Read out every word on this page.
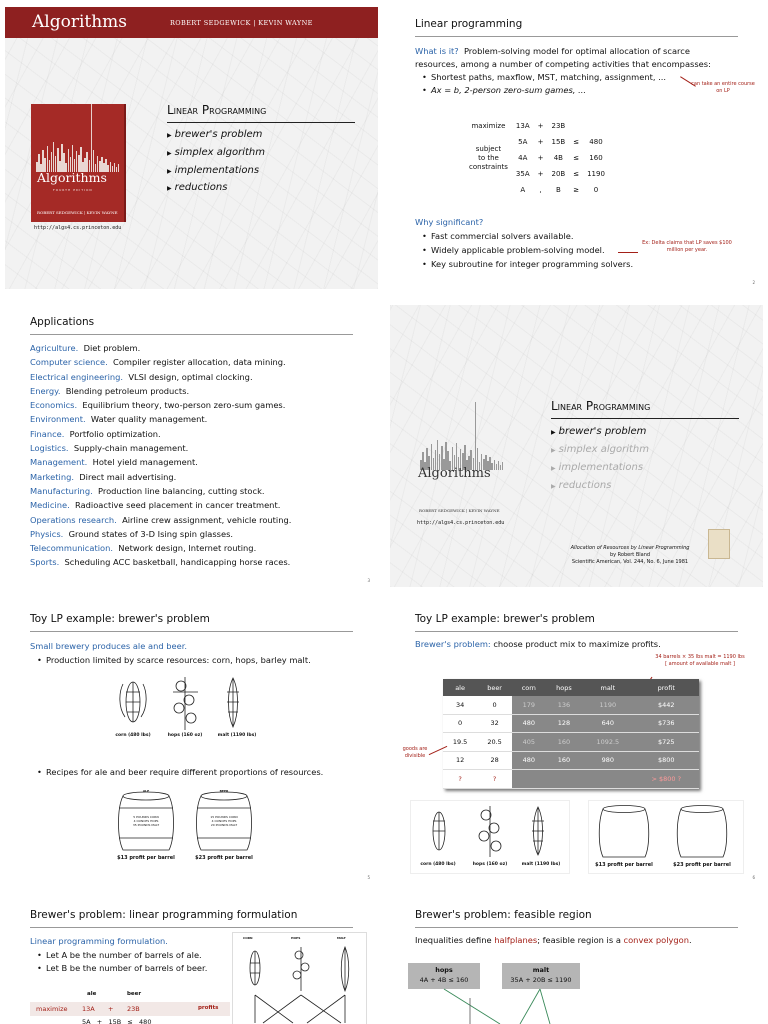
Algorithms	ROBERT SEDGEWICK | KEVIN WAYNE
Algorithms
FOURTH EDITION
ROBERT SEDGEWICK | KEVIN WAYNE
http://algs4.cs.princeton.edu
Linear Programming
▶ brewer's problem
▶ simplex algorithm
▶ implementations
▶ reductions
Linear programming
What is it? Problem-solving model for optimal allocation of scarce resources, among a number of competing activities that encompasses:
• Shortest paths, maxflow, MST, matching, assignment, ...
• Ax = b, 2-person zero-sum games, ...
can take an entire course on LP
maximize	13A	+	23B		
subject
to the
constraints	5A	+	15B	≤	480
	4A	+	4B	≤	160
	35A	+	20B	≤	1190
	A	,	B	≥	0
Why significant?
• Fast commercial solvers available.
• Widely applicable problem-solving model.
• Key subroutine for integer programming solvers.
Ex: Delta claims that LP saves $100 million per year.
2
Applications
Agriculture. Diet problem.
Computer science. Compiler register allocation, data mining.
Electrical engineering. VLSI design, optimal clocking.
Energy. Blending petroleum products.
Economics. Equilibrium theory, two-person zero-sum games.
Environment. Water quality management.
Finance. Portfolio optimization.
Logistics. Supply-chain management.
Management. Hotel yield management.
Marketing. Direct mail advertising.
Manufacturing. Production line balancing, cutting stock.
Medicine. Radioactive seed placement in cancer treatment.
Operations research. Airline crew assignment, vehicle routing.
Physics. Ground states of 3-D Ising spin glasses.
Telecommunication. Network design, Internet routing.
Sports. Scheduling ACC basketball, handicapping horse races.
3
Algorithms
ROBERT SEDGEWICK | KEVIN WAYNE
http://algs4.cs.princeton.edu
Linear Programming
▶ brewer's problem
▶ simplex algorithm
▶ implementations
▶ reductions
Allocation of Resources by Linear Programming
by Robert Bland
Scientific American, Vol. 244, No. 6, June 1981
Toy LP example: brewer's problem
Small brewery produces ale and beer.
• Production limited by scarce resources: corn, hops, barley malt.
corn (480 lbs)	hops (160 oz)	malt (1190 lbs)
• Recipes for ale and beer require different proportions of resources.
ALE	BEER
5 POUNDS CORN
4 OUNCES HOPS
35 POUNDS MALT
15 POUNDS CORN
4 OUNCES HOPS
20 POUNDS MALT
$13 profit per barrel	$23 profit per barrel
5
Toy LP example: brewer's problem
Brewer's problem: choose product mix to maximize profits.
34 barrels × 35 lbs malt = 1190 lbs
[ amount of available malt ]
ale	beer	corn	hops	malt	profit
34	0	179	136	1190	$442
0	32	480	128	640	$736
19.5	20.5	405	160	1092.5	$725
12	28	480	160	980	$800
?	?				> $800 ?
goods are divisible
corn (480 lbs)	hops (160 oz)	malt (1190 lbs)	$13 profit per barrel	$23 profit per barrel
6
Brewer's problem: linear programming formulation
Linear programming formulation.
• Let A be the number of barrels of ale.
• Let B be the number of barrels of beer.
ale	beer
maximize 13A + 23B	profits
5A + 15B ≤ 480
CORN	HOPS	MALT
Brewer's problem: feasible region
Inequalities define halfplanes; feasible region is a convex polygon.
hops
4A + 4B ≤ 160
malt
35A + 20B ≤ 1190
